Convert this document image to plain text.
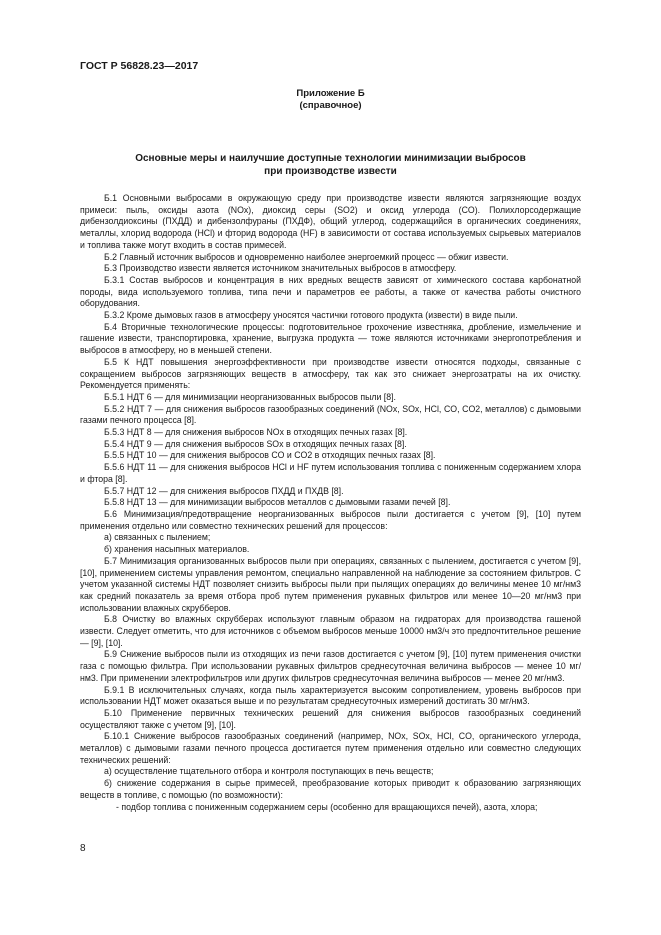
ГОСТ Р 56828.23—2017
Приложение Б
(справочное)
Основные меры и наилучшие доступные технологии минимизации выбросов
при производстве извести

Б.1 Основными выбросами в окружающую среду при производстве извести являются загрязняющие воздух примеси: пыль, оксиды азота (NOx), диоксид серы (SO2) и оксид углерода (CO). Полихлорсодержащие дибензолдиоксины (ПХДД) и дибензолфураны (ПХДФ), общий углерод, содержащийся в органических соединениях, металлы, хлорид водорода (HCl) и фторид водорода (HF) в зависимости от состава используемых сырьевых материалов и топлива также могут входить в состав примесей.

Б.2 Главный источник выбросов и одновременно наиболее энергоемкий процесс — обжиг извести.

Б.3 Производство извести является источником значительных выбросов в атмосферу.

Б.3.1 Состав выбросов и концентрация в них вредных веществ зависят от химического состава карбонатной породы, вида используемого топлива, типа печи и параметров ее работы, а также от качества работы очистного оборудования.

Б.3.2 Кроме дымовых газов в атмосферу уносятся частички готового продукта (извести) в виде пыли.

Б.4 Вторичные технологические процессы: подготовительное грохочение известняка, дробление, измельчение и гашение извести, транспортировка, хранение, выгрузка продукта — тоже являются источниками энергопотребления и выбросов в атмосферу, но в меньшей степени.

Б.5 К НДТ повышения энергоэффективности при производстве извести относятся подходы, связанные с сокращением выбросов загрязняющих веществ в атмосферу, так как это снижает энергозатраты на их очистку. Рекомендуется применять:

Б.5.1 НДТ 6 — для минимизации неорганизованных выбросов пыли [8].

Б.5.2 НДТ 7 — для снижения выбросов газообразных соединений (NOx, SOx, HCl, CO, CO2, металлов) с дымовыми газами печного процесса [8].

Б.5.3 НДТ 8 — для снижения выбросов NOx в отходящих печных газах [8].

Б.5.4 НДТ 9 — для снижения выбросов SOx в отходящих печных газах [8].

Б.5.5 НДТ 10 — для снижения выбросов CO и CO2 в отходящих печных газах [8].

Б.5.6 НДТ 11 — для снижения выбросов HCl и HF путем использования топлива с пониженным содержанием хлора и фтора [8].

Б.5.7 НДТ 12 — для снижения выбросов ПХДД и ПХДВ [8].

Б.5.8 НДТ 13 — для минимизации выбросов металлов с дымовыми газами печей [8].

Б.6 Минимизация/предотвращение неорганизованных выбросов пыли достигается с учетом [9], [10] путем применения отдельно или совместно технических решений для процессов:

а) связанных с пылением;

б) хранения насыпных материалов.

Б.7 Минимизация организованных выбросов пыли при операциях, связанных с пылением, достигается с учетом [9], [10], применением системы управления ремонтом, специально направленной на наблюдение за состоянием фильтров. С учетом указанной системы НДТ позволяет снизить выбросы пыли при пылящих операциях до величины менее 10 мг/нм3 как средний показатель за время отбора проб путем применения рукавных фильтров или менее 10—20 мг/нм3 при использовании влажных скрубберов.

Б.8 Очистку во влажных скрубберах используют главным образом на гидраторах для производства гашеной извести. Следует отметить, что для источников с объемом выбросов меньше 10000 нм3/ч это предпочтительное решение — [9], [10].

Б.9 Снижение выбросов пыли из отходящих из печи газов достигается с учетом [9], [10] путем применения очистки газа с помощью фильтра. При использовании рукавных фильтров среднесуточная величина выбросов — менее 10 мг/нм3. При применении электрофильтров или других фильтров среднесуточная величина выбросов — менее 20 мг/нм3.

Б.9.1 В исключительных случаях, когда пыль характеризуется высоким сопротивлением, уровень выбросов при использовании НДТ может оказаться выше и по результатам среднесуточных измерений достигать 30 мг/нм3.

Б.10 Применение первичных технических решений для снижения выбросов газообразных соединений осуществляют также с учетом [9], [10].

Б.10.1 Снижение выбросов газообразных соединений (например, NOx, SOx, HCl, CO, органического углерода, металлов) с дымовыми газами печного процесса достигается путем применения отдельно или совместно следующих технических решений:

а) осуществление тщательного отбора и контроля поступающих в печь веществ;

б) снижение содержания в сырье примесей, преобразование которых приводит к образованию загрязняющих веществ в топливе, с помощью (по возможности):

- подбор топлива с пониженным содержанием серы (особенно для вращающихся печей), азота, хлора;

8
